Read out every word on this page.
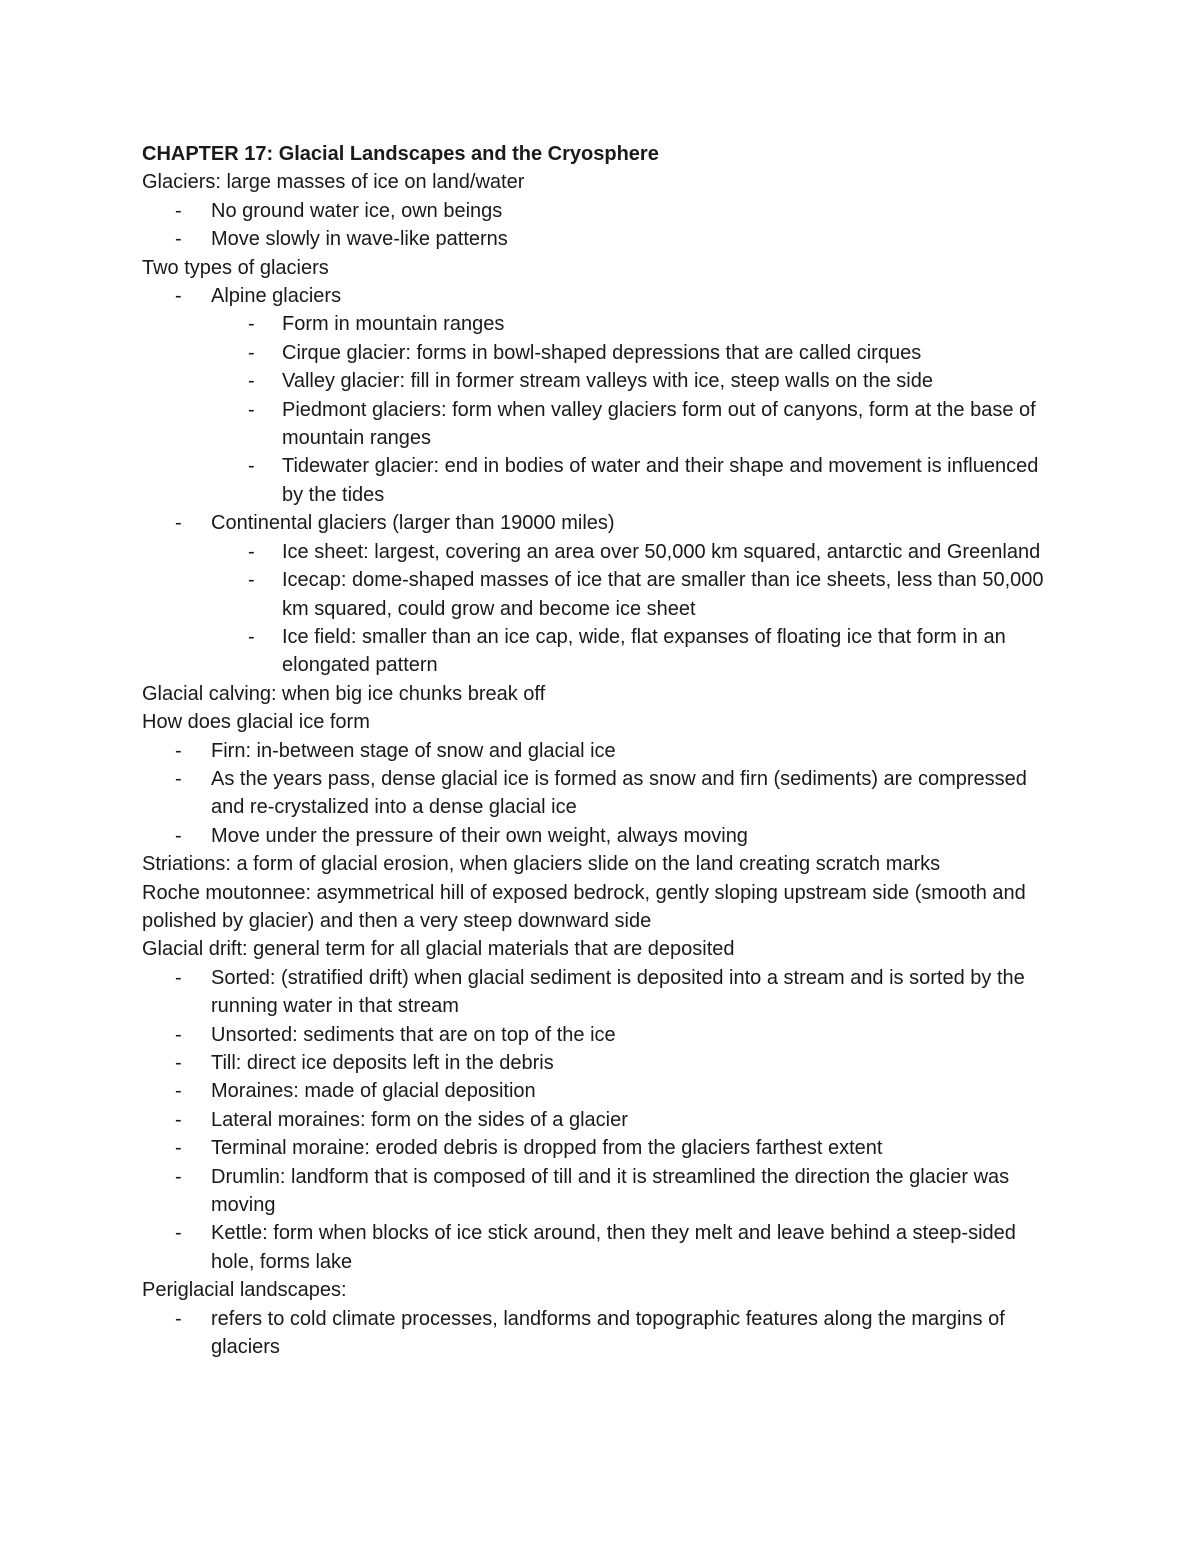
CHAPTER 17: Glacial Landscapes and the Cryosphere
Glaciers: large masses of ice on land/water
- No ground water ice, own beings
- Move slowly in wave-like patterns
Two types of glaciers
- Alpine glaciers
- Form in mountain ranges
- Cirque glacier: forms in bowl-shaped depressions that are called cirques
- Valley glacier: fill in former stream valleys with ice, steep walls on the side
- Piedmont glaciers: form when valley glaciers form out of canyons, form at the base of mountain ranges
- Tidewater glacier: end in bodies of water and their shape and movement is influenced by the tides
- Continental glaciers (larger than 19000 miles)
- Ice sheet: largest, covering an area over 50,000 km squared, antarctic and Greenland
- Icecap: dome-shaped masses of ice that are smaller than ice sheets, less than 50,000 km squared, could grow and become ice sheet
- Ice field: smaller than an ice cap, wide, flat expanses of floating ice that form in an elongated pattern
Glacial calving: when big ice chunks break off
How does glacial ice form
- Firn: in-between stage of snow and glacial ice
- As the years pass, dense glacial ice is formed as snow and firn (sediments) are compressed and re-crystalized into a dense glacial ice
- Move under the pressure of their own weight, always moving
Striations: a form of glacial erosion, when glaciers slide on the land creating scratch marks
Roche moutonnee: asymmetrical hill of exposed bedrock, gently sloping upstream side (smooth and polished by glacier) and then a very steep downward side
Glacial drift: general term for all glacial materials that are deposited
- Sorted: (stratified drift) when glacial sediment is deposited into a stream and is sorted by the running water in that stream
- Unsorted: sediments that are on top of the ice
- Till: direct ice deposits left in the debris
- Moraines: made of glacial deposition
- Lateral moraines: form on the sides of a glacier
- Terminal moraine: eroded debris is dropped from the glaciers farthest extent
- Drumlin: landform that is composed of till and it is streamlined the direction the glacier was moving
- Kettle: form when blocks of ice stick around, then they melt and leave behind a steep-sided hole, forms lake
Periglacial landscapes:
- refers to cold climate processes, landforms and topographic features along the margins of glaciers
